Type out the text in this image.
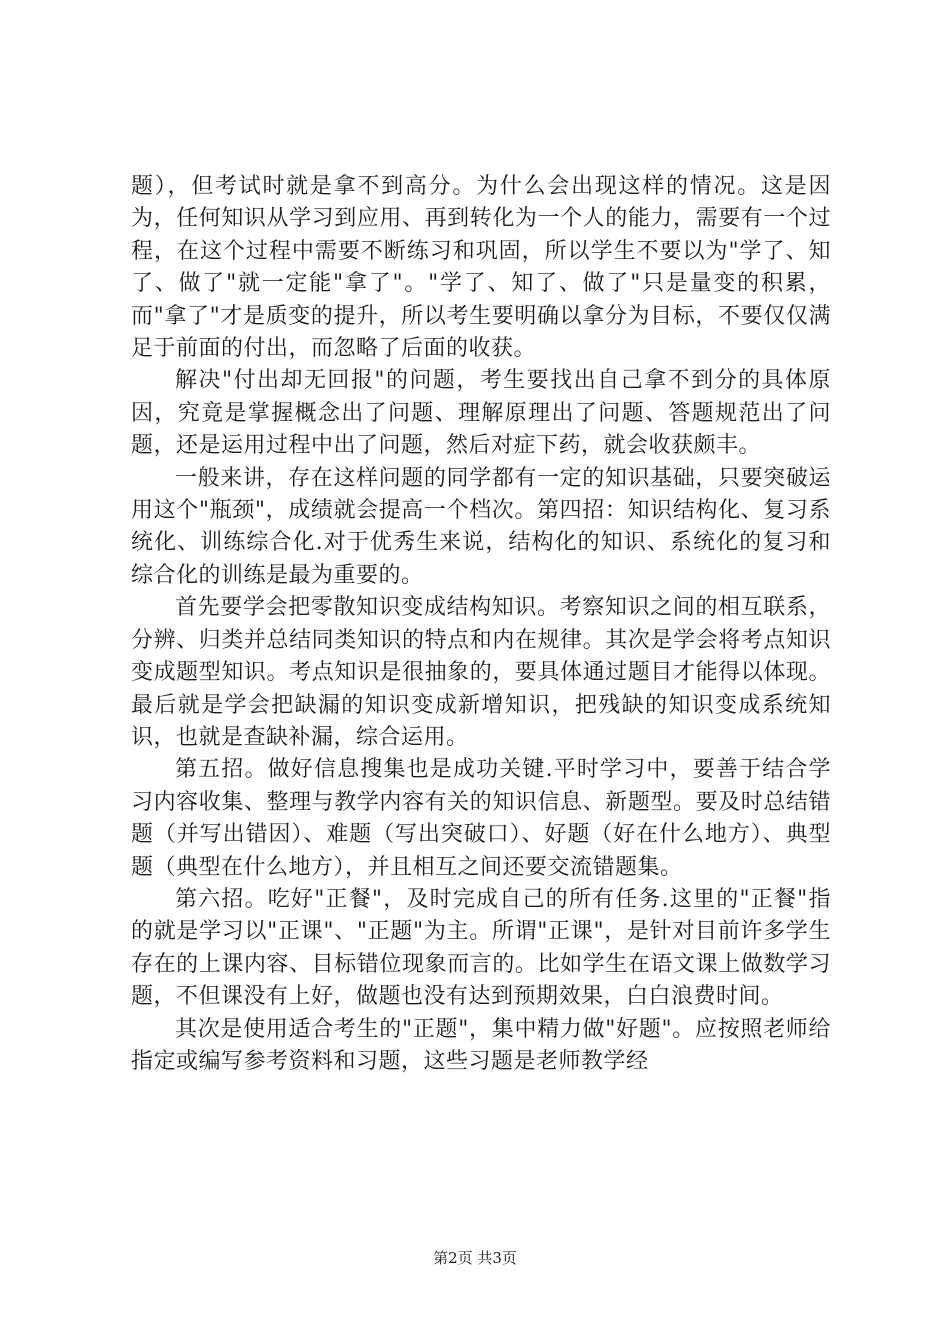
题），但考试时就是拿不到高分。为什么会出现这样的情况。这是因为，任何知识从学习到应用、再到转化为一个人的能力，需要有一个过程，在这个过程中需要不断练习和巩固，所以学生不要以为"学了、知了、做了"就一定能"拿了"。"学了、知了、做了"只是量变的积累，而"拿了"才是质变的提升，所以考生要明确以拿分为目标，不要仅仅满足于前面的付出，而忽略了后面的收获。

解决"付出却无回报"的问题，考生要找出自己拿不到分的具体原因，究竟是掌握概念出了问题、理解原理出了问题、答题规范出了问题，还是运用过程中出了问题，然后对症下药，就会收获颇丰。

一般来讲，存在这样问题的同学都有一定的知识基础，只要突破运用这个"瓶颈"，成绩就会提高一个档次。第四招：知识结构化、复习系统化、训练综合化.对于优秀生来说，结构化的知识、系统化的复习和综合化的训练是最为重要的。

首先要学会把零散知识变成结构知识。考察知识之间的相互联系，分辨、归类并总结同类知识的特点和内在规律。其次是学会将考点知识变成题型知识。考点知识是很抽象的，要具体通过题目才能得以体现。最后就是学会把缺漏的知识变成新增知识，把残缺的知识变成系统知识，也就是查缺补漏，综合运用。

第五招。做好信息搜集也是成功关键.平时学习中，要善于结合学习内容收集、整理与教学内容有关的知识信息、新题型。要及时总结错题（并写出错因）、难题（写出突破口）、好题（好在什么地方）、典型题（典型在什么地方），并且相互之间还要交流错题集。

第六招。吃好"正餐"，及时完成自己的所有任务.这里的"正餐"指的就是学习以"正课"、"正题"为主。所谓"正课"，是针对目前许多学生存在的上课内容、目标错位现象而言的。比如学生在语文课上做数学习题，不但课没有上好，做题也没有达到预期效果，白白浪费时间。

其次是使用适合考生的"正题"，集中精力做"好题"。应按照老师给指定或编写参考资料和习题，这些习题是老师教学经

第2页 共3页
